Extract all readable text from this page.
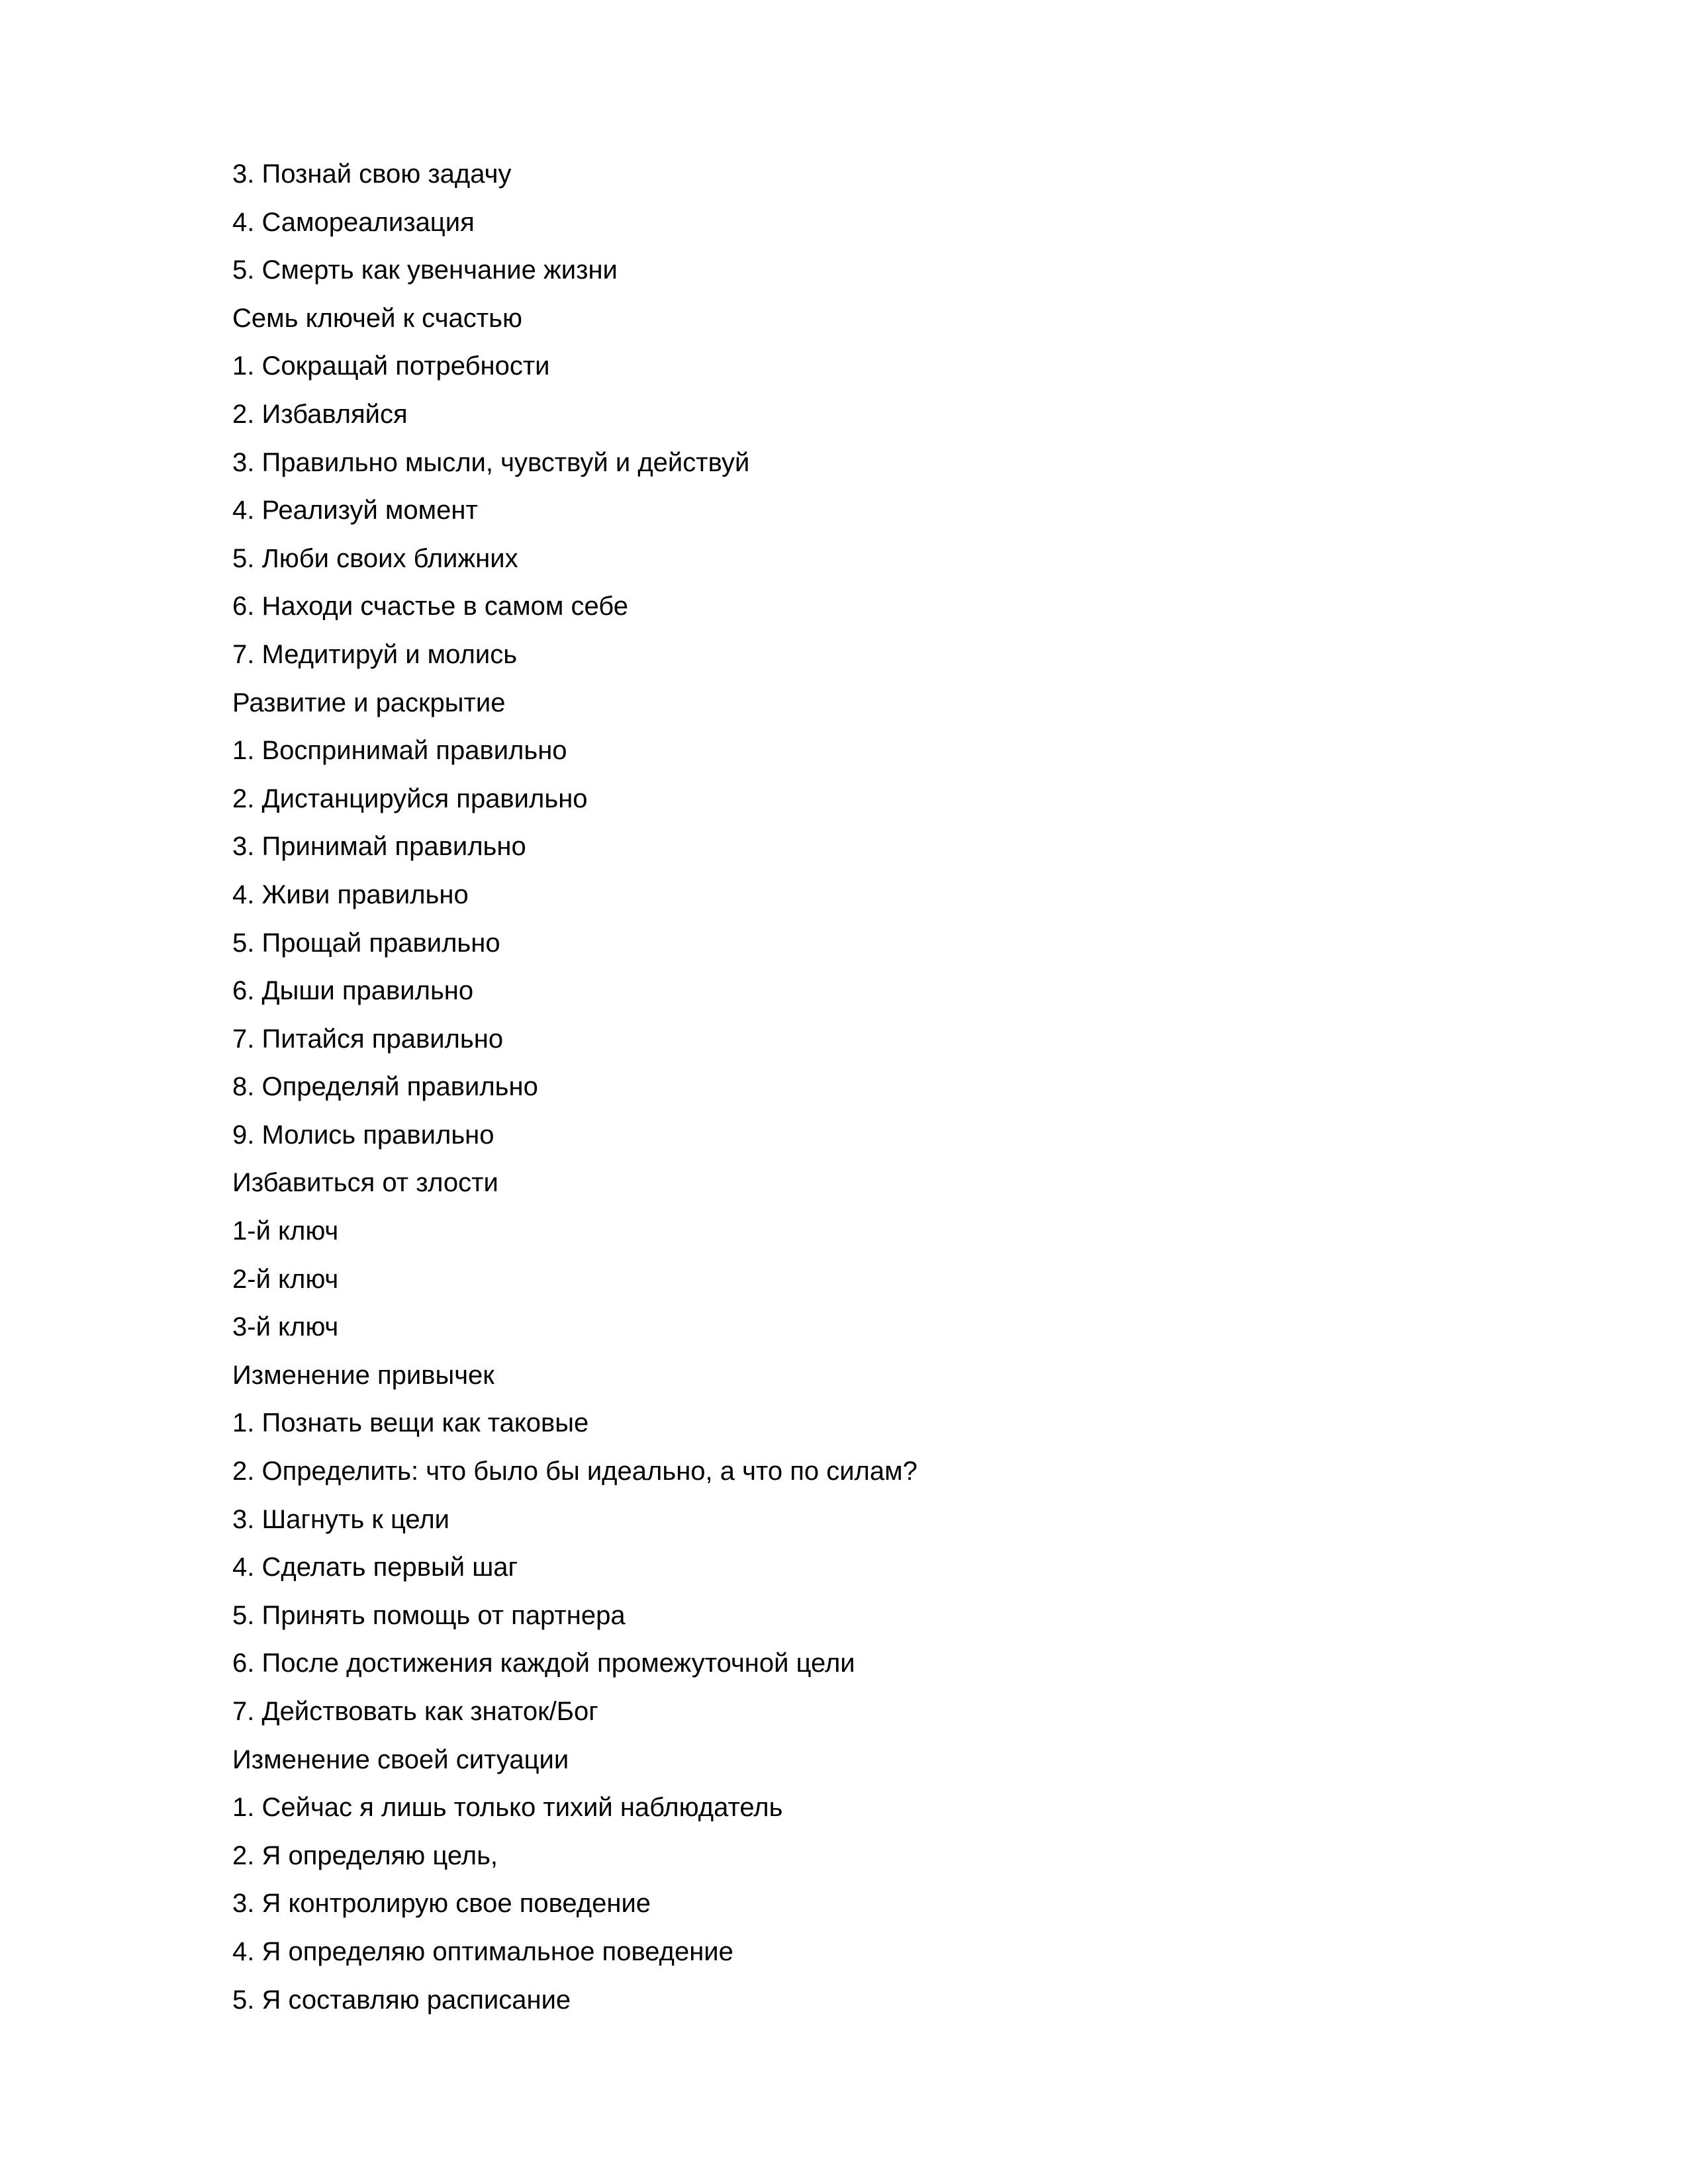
3. Познай свою задачу
4. Самореализация
5. Смерть как увенчание жизни
Семь ключей к счастью
1. Сокращай потребности
2. Избавляйся
3. Правильно мысли, чувствуй и действуй
4. Реализуй момент
5. Люби своих ближних
6. Находи счастье в самом себе
7. Медитируй и молись
Развитие и раскрытие
1. Воспринимай правильно
2. Дистанцируйся правильно
3. Принимай правильно
4. Живи правильно
5. Прощай правильно
6. Дыши правильно
7. Питайся правильно
8. Определяй правильно
9. Молись правильно
Избавиться от злости
1-й ключ
2-й ключ
3-й ключ
Изменение привычек
1. Познать вещи как таковые
2. Определить: что было бы идеально, а что по силам?
3. Шагнуть к цели
4. Сделать первый шаг
5. Принять помощь от партнера
6. После достижения каждой промежуточной цели
7. Действовать как знаток/Бог
Изменение своей ситуации
1. Сейчас я лишь только тихий наблюдатель
2. Я определяю цель,
3. Я контролирую свое поведение
4. Я определяю оптимальное поведение
5. Я составляю расписание
